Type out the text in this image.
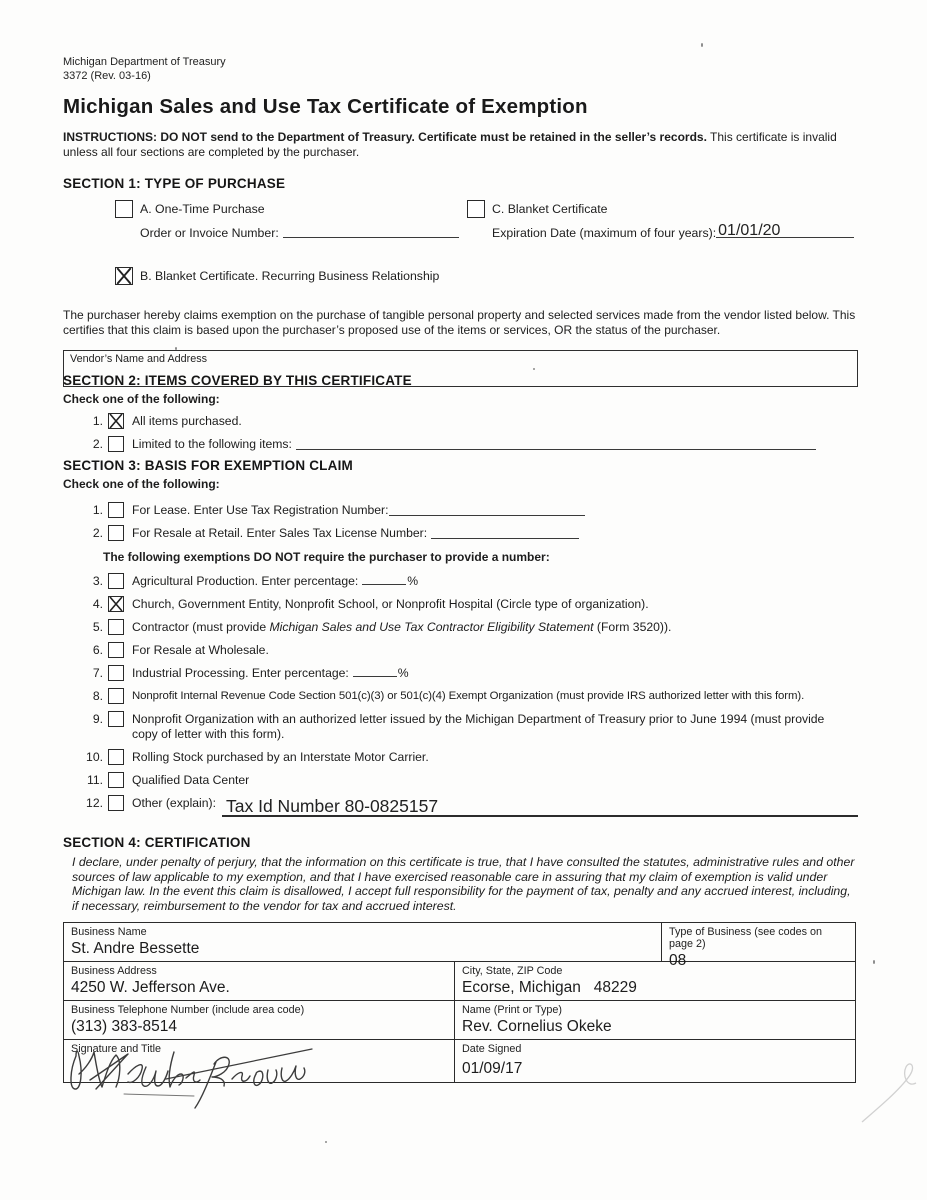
Michigan Department of Treasury
3372 (Rev. 03-16)
Michigan Sales and Use Tax Certificate of Exemption
INSTRUCTIONS: DO NOT send to the Department of Treasury. Certificate must be retained in the seller’s records. This certificate is invalid unless all four sections are completed by the purchaser.
SECTION 1: TYPE OF PURCHASE
A. One-Time Purchase
Order or Invoice Number:
C. Blanket Certificate
Expiration Date (maximum of four years): 01/01/20
B. Blanket Certificate. Recurring Business Relationship

The purchaser hereby claims exemption on the purchase of tangible personal property and selected services made from the vendor listed below. This certifies that this claim is based upon the purchaser’s proposed use of the items or services, OR the status of the purchaser.

Vendor’s Name and Address
SECTION 2: ITEMS COVERED BY THIS CERTIFICATE
Check one of the following:
1.	All items purchased.
2.	Limited to the following items:
SECTION 3: BASIS FOR EXEMPTION CLAIM
Check one of the following:
1.	For Lease. Enter Use Tax Registration Number:
2.	For Resale at Retail. Enter Sales Tax License Number:
The following exemptions DO NOT require the purchaser to provide a number:
3.	Agricultural Production. Enter percentage:	%
4.	Church, Government Entity, Nonprofit School, or Nonprofit Hospital (Circle type of organization).
5.	Contractor (must provide Michigan Sales and Use Tax Contractor Eligibility Statement (Form 3520)).
6.	For Resale at Wholesale.
7.	Industrial Processing. Enter percentage:	%
8.	Nonprofit Internal Revenue Code Section 501(c)(3) or 501(c)(4) Exempt Organization (must provide IRS authorized letter with this form).
9.	Nonprofit Organization with an authorized letter issued by the Michigan Department of Treasury prior to June 1994 (must provide copy of letter with this form).
10.	Rolling Stock purchased by an Interstate Motor Carrier.
11.	Qualified Data Center
12.	Other (explain): Tax Id Number 80-0825157
SECTION 4: CERTIFICATION

I declare, under penalty of perjury, that the information on this certificate is true, that I have consulted the statutes, administrative rules and other sources of law applicable to my exemption, and that I have exercised reasonable care in assuring that my claim of exemption is valid under Michigan law. In the event this claim is disallowed, I accept full responsibility for the payment of tax, penalty and any accrued interest, including, if necessary, reimbursement to the vendor for tax and accrued interest.

Business Name
St. Andre Bessette
Type of Business (see codes on page 2)
08
Business Address
4250 W. Jefferson Ave.
City, State, ZIP Code
Ecorse, Michigan   48229
Business Telephone Number (include area code)
(313) 383-8514
Name (Print or Type)
Rev. Cornelius Okeke
Signature and Title	Date Signed
01/09/17
